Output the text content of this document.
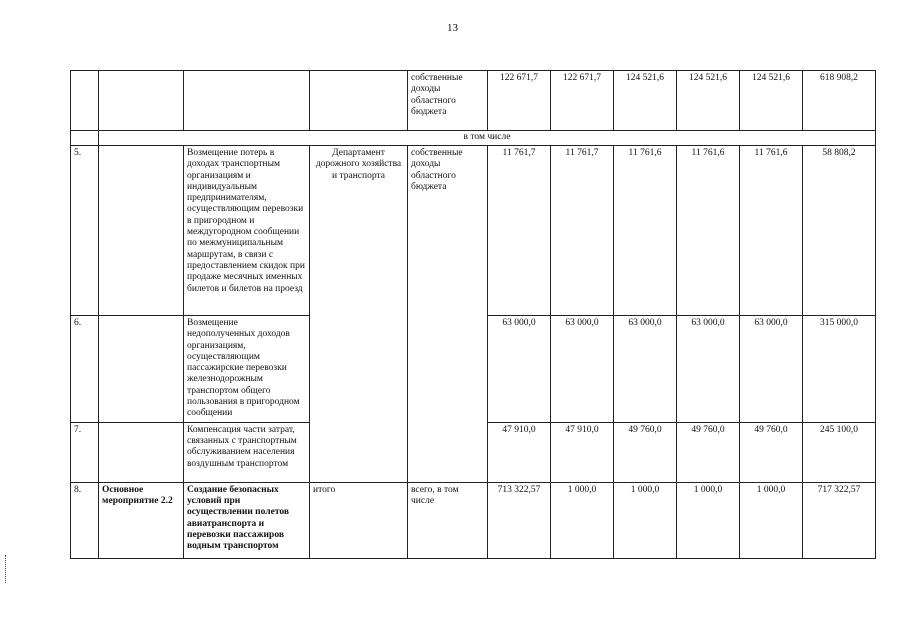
13
				собственные доходы областного бюджета	122 671,7	122 671,7	124 521,6	124 521,6	124 521,6	618 908,2
	в том числе									
5.		Возмещение потерь в доходах транспортным организациям и индивидуальным предпринимателям, осуществляющим перевозки в пригородном и междугородном сообщении по межмуниципальным маршрутам, в связи с предоставлением скидок при продаже месячных именных билетов и билетов на проезд	Департамент дорожного хозяйства и транспорта	собственные доходы областного бюджета	11 761,7	11 761,7	11 761,6	11 761,6	11 761,6	58 808,2
6.		Возмещение недополученных доходов организациям, осуществляющим пассажирские перевозки железнодорожным транспортом общего пользования в пригородном сообщении			63 000,0	63 000,0	63 000,0	63 000,0	63 000,0	315 000,0
7.		Компенсация части затрат, связанных с транспортным обслуживанием населения воздушным транспортом			47 910,0	47 910,0	49 760,0	49 760,0	49 760,0	245 100,0
8.	Основное мероприятие 2.2	Создание безопасных условий при осуществлении полетов авиатранспорта и перевозки пассажиров водным транспортом	итого	всего, в том числе	713 322,57	1 000,0	1 000,0	1 000,0	1 000,0	717 322,57
